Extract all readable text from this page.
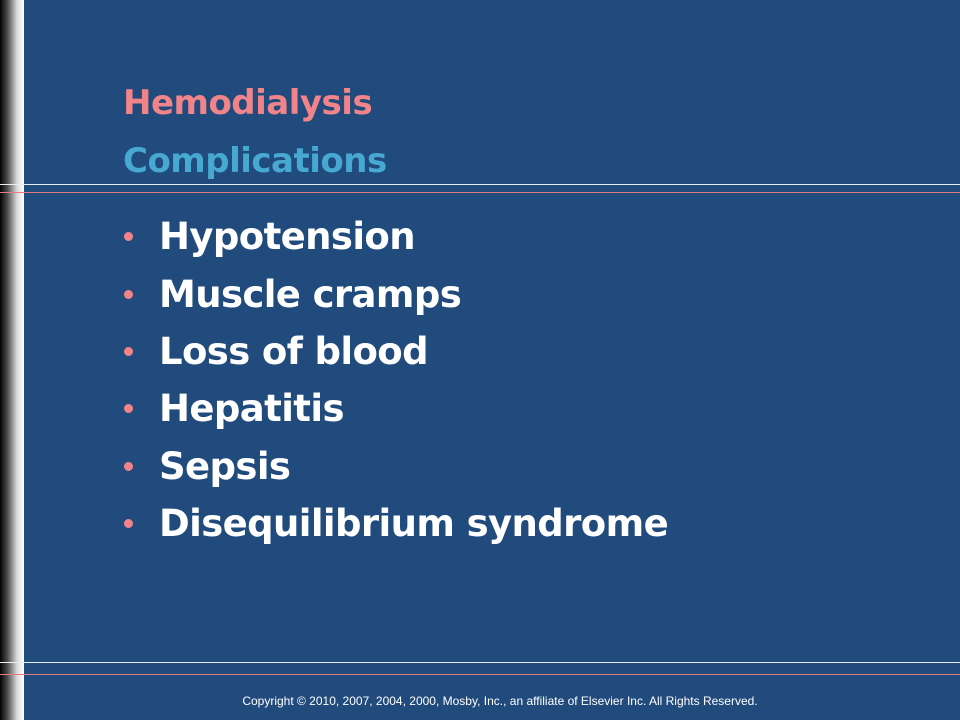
Hemodialysis
Complications
Hypotension
Muscle cramps
Loss of blood
Hepatitis
Sepsis
Disequilibrium syndrome
Copyright © 2010, 2007, 2004, 2000, Mosby, Inc., an affiliate of Elsevier Inc. All Rights Reserved.
